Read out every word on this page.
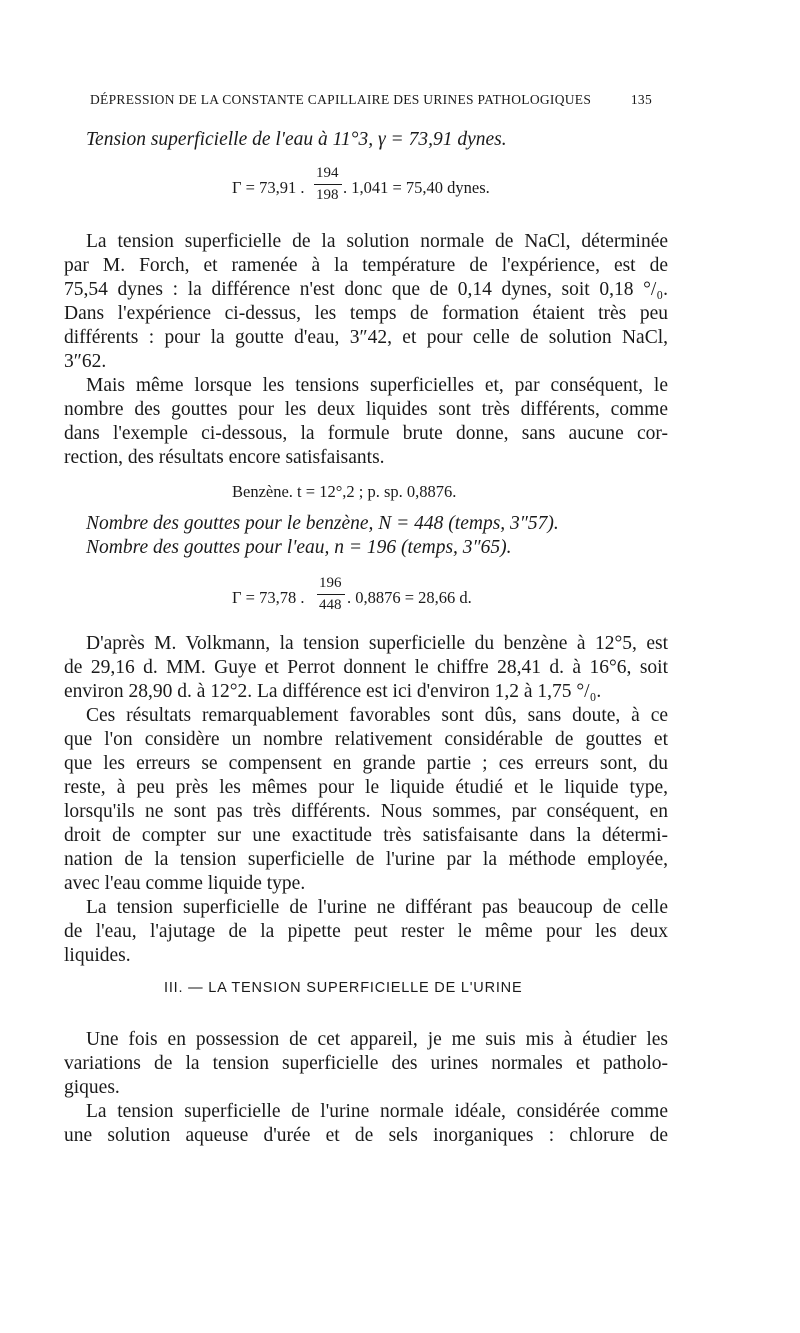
DÉPRESSION DE LA CONSTANTE CAPILLAIRE DES URINES PATHOLOGIQUES	135
Tension superficielle de l'eau à 11°3, γ = 73,91 dynes.
Γ = 73,91 .
194
198 . 1,041 = 75,40 dynes.
La tension superficielle de la solution normale de NaCl, déterminée
par M. Forch, et ramenée à la température de l'expérience, est de
75,54 dynes : la différence n'est donc que de 0,14 dynes, soit 0,18 °/₀.
Dans l'expérience ci-dessus, les temps de formation étaient très peu
différents : pour la goutte d'eau, 3″42, et pour celle de solution NaCl,
3″62.
Mais même lorsque les tensions superficielles et, par conséquent, le
nombre des gouttes pour les deux liquides sont très différents, comme
dans l'exemple ci-dessous, la formule brute donne, sans aucune cor-
rection, des résultats encore satisfaisants.
Benzène. t = 12°,2 ; p. sp. 0,8876.
Nombre des gouttes pour le benzène, N = 448 (temps, 3″57).
Nombre des gouttes pour l'eau, n = 196 (temps, 3″65).
Γ = 73,78 .
196
448 . 0,8876 = 28,66 d.
D'après M. Volkmann, la tension superficielle du benzène à 12°5, est
de 29,16 d. MM. Guye et Perrot donnent le chiffre 28,41 d. à 16°6, soit
environ 28,90 d. à 12°2. La différence est ici d'environ 1,2 à 1,75 °/₀.
Ces résultats remarquablement favorables sont dûs, sans doute, à ce
que l'on considère un nombre relativement considérable de gouttes et
que les erreurs se compensent en grande partie ; ces erreurs sont, du
reste, à peu près les mêmes pour le liquide étudié et le liquide type,
lorsqu'ils ne sont pas très différents. Nous sommes, par conséquent, en
droit de compter sur une exactitude très satisfaisante dans la détermi-
nation de la tension superficielle de l'urine par la méthode employée,
avec l'eau comme liquide type.
La tension superficielle de l'urine ne différant pas beaucoup de celle
de l'eau, l'ajutage de la pipette peut rester le même pour les deux
liquides.
III. — LA TENSION SUPERFICIELLE DE L'URINE
Une fois en possession de cet appareil, je me suis mis à étudier les
variations de la tension superficielle des urines normales et patholo-
giques.
La tension superficielle de l'urine normale idéale, considérée comme
une solution aqueuse d'urée et de sels inorganiques : chlorure de
